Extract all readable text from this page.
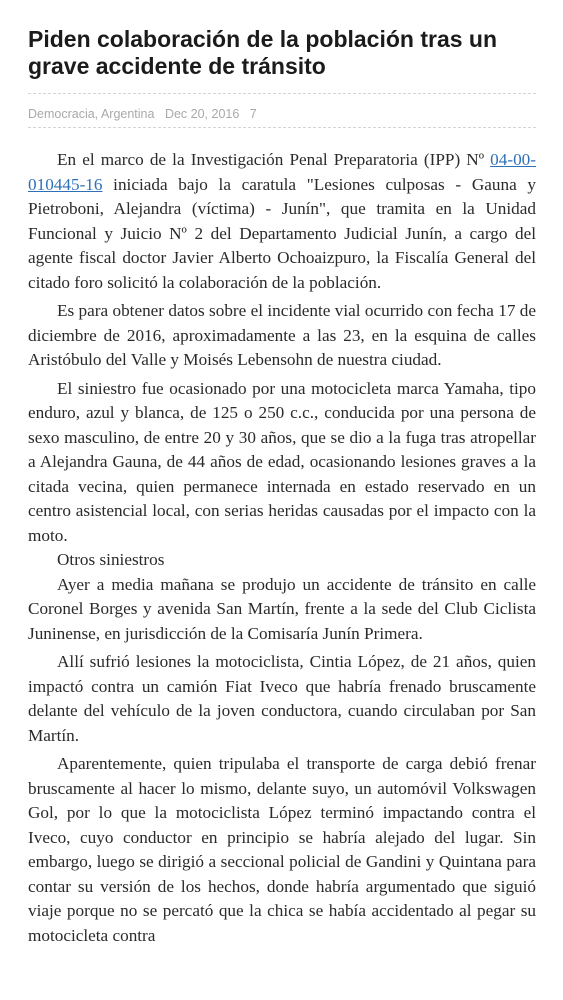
Piden colaboración de la población tras un grave accidente de tránsito
Democracia, Argentina Dec 20, 2016 7

En el marco de la Investigación Penal Preparatoria (IPP) Nº 04-00-010445-16 iniciada bajo la caratula "Lesiones culposas - Gauna y Pietroboni, Alejandra (víctima) - Junín", que tramita en la Unidad Funcional y Juicio Nº 2 del Departamento Judicial Junín, a cargo del agente fiscal doctor Javier Alberto Ochoaizpuro, la Fiscalía General del citado foro solicitó la colaboración de la población.

Es para obtener datos sobre el incidente vial ocurrido con fecha 17 de diciembre de 2016, aproximadamente a las 23, en la esquina de calles Aristóbulo del Valle y Moisés Lebensohn de nuestra ciudad.

El siniestro fue ocasionado por una motocicleta marca Yamaha, tipo enduro, azul y blanca, de 125 o 250 c.c., conducida por una persona de sexo masculino, de entre 20 y 30 años, que se dio a la fuga tras atropellar a Alejandra Gauna, de 44 años de edad, ocasionando lesiones graves a la citada vecina, quien permanece internada en estado reservado en un centro asistencial local, con serias heridas causadas por el impacto con la moto.

Otros siniestros

Ayer a media mañana se produjo un accidente de tránsito en calle Coronel Borges y avenida San Martín, frente a la sede del Club Ciclista Juninense, en jurisdicción de la Comisaría Junín Primera.

Allí sufrió lesiones la motociclista, Cintia López, de 21 años, quien impactó contra un camión Fiat Iveco que habría frenado bruscamente delante del vehículo de la joven conductora, cuando circulaban por San Martín.

Aparentemente, quien tripulaba el transporte de carga debió frenar bruscamente al hacer lo mismo, delante suyo, un automóvil Volkswagen Gol, por lo que la motociclista López terminó impactando contra el Iveco, cuyo conductor en principio se habría alejado del lugar. Sin embargo, luego se dirigió a seccional policial de Gandini y Quintana para contar su versión de los hechos, donde habría argumentado que siguió viaje porque no se percató que la chica se había accidentado al pegar su motocicleta contra
